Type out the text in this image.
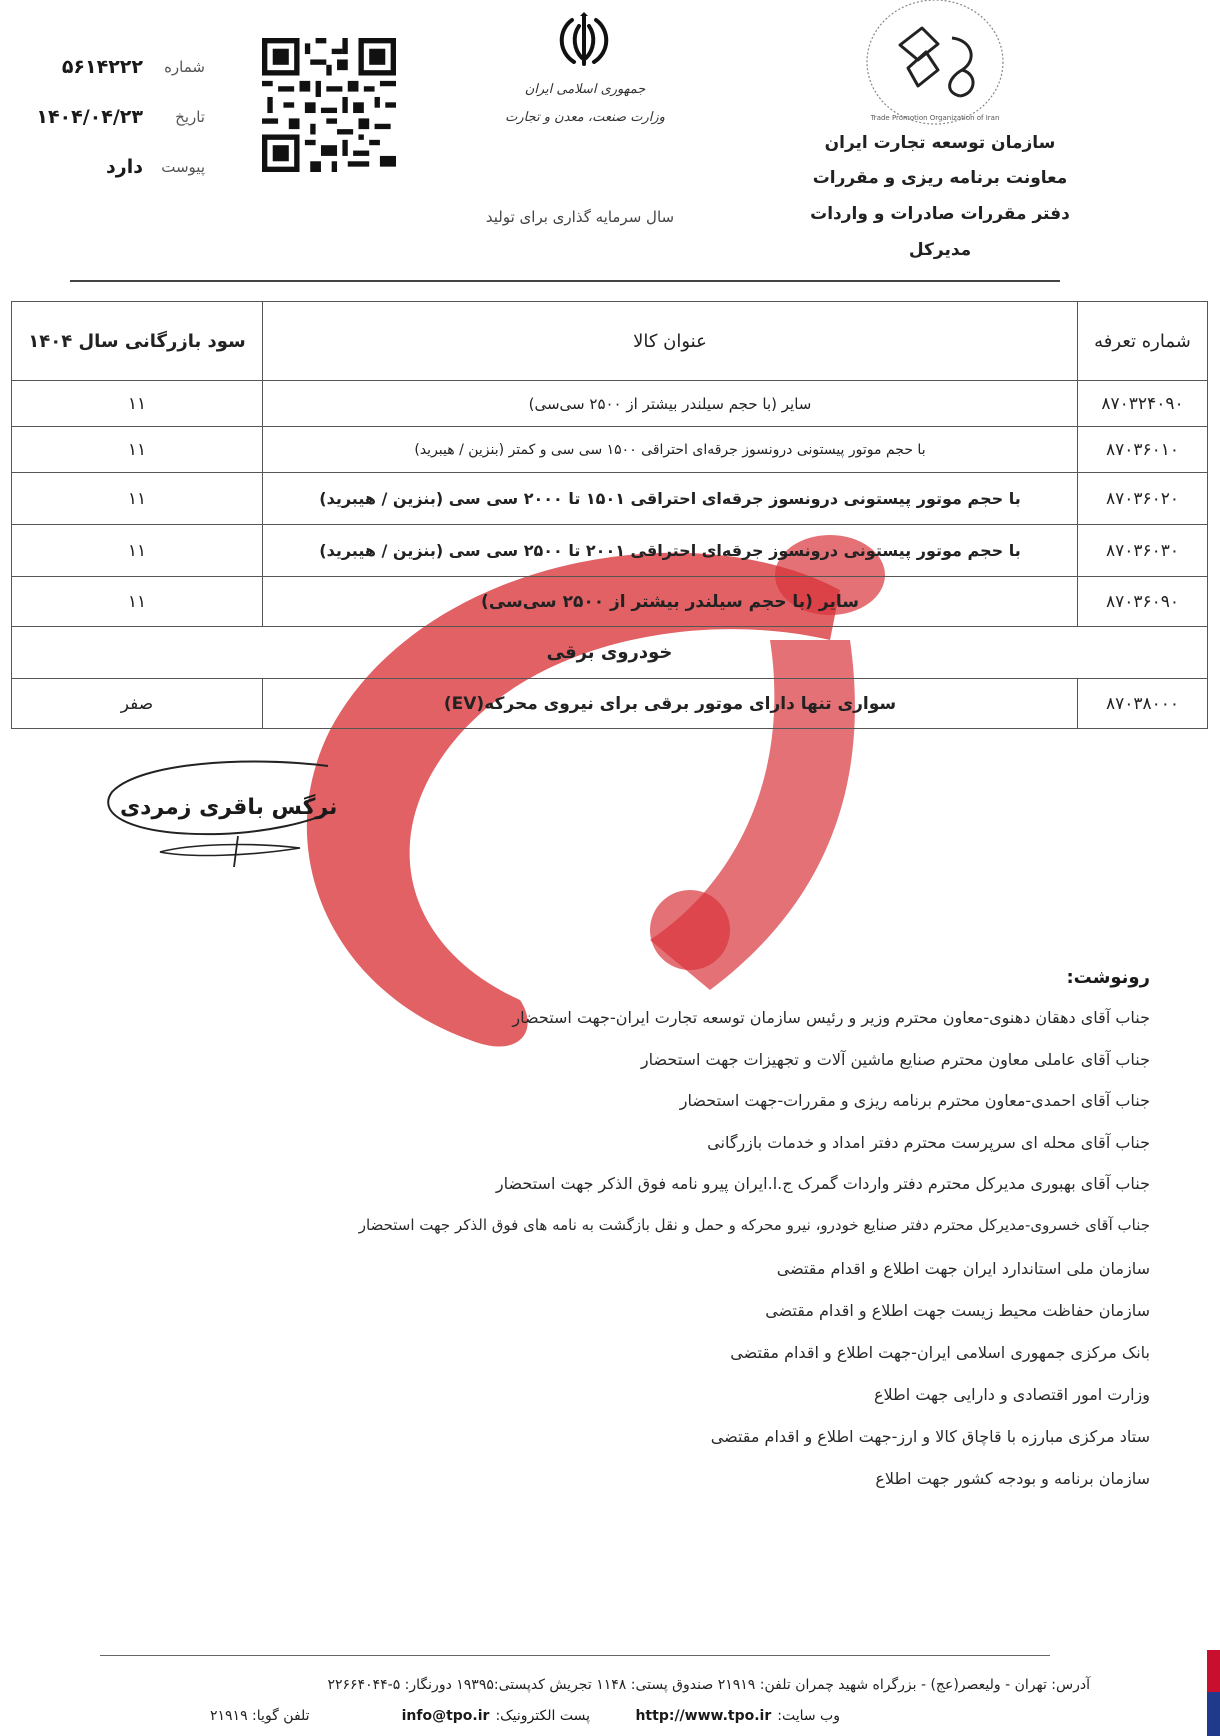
شماره
۵۶۱۴۲۲۲
تاریخ
۱۴۰۴/۰۴/۲۳
پیوست
دارد
جمهوری اسلامی ایران
وزارت صنعت، معدن و تجارت
سال سرمایه گذاری برای تولید
Trade Promotion Organization of Iran
سازمان توسعه تجارت ایران
معاونت برنامه ریزی و مقررات
دفتر مقررات صادرات و واردات
مدیرکل
شماره تعرفه	عنوان کالا	سود بازرگانی سال ۱۴۰۴
۸۷۰۳۲۴۰۹۰	سایر (با حجم سیلندر بیشتر از ۲۵۰۰ سی‌سی)	۱۱
۸۷۰۳۶۰۱۰	با حجم موتور پیستونی درونسوز جرقه‌ای احتراقی ۱۵۰۰ سی سی و کمتر (بنزین / هیبرید)	۱۱
۸۷۰۳۶۰۲۰	با حجم موتور پیستونی درونسوز جرقه‌ای احتراقی ۱۵۰۱ تا ۲۰۰۰ سی سی (بنزین / هیبرید)	۱۱
۸۷۰۳۶۰۳۰	با حجم موتور پیستونی درونسوز جرقه‌ای احتراقی ۲۰۰۱ تا ۲۵۰۰ سی سی (بنزین / هیبرید)	۱۱
۸۷۰۳۶۰۹۰	سایر (با حجم سیلندر بیشتر از ۲۵۰۰ سی‌سی)	۱۱
خودروی برقی		
۸۷۰۳۸۰۰۰	سواری تنها دارای موتور برقی برای نیروی محرکه(EV)	صفر
نرگس باقری زمردی
رونوشت:
جناب آقای دهقان دهنوی-معاون محترم وزیر و رئیس سازمان توسعه تجارت ایران-جهت استحضار
جناب آقای عاملی معاون محترم صنایع ماشین آلات و تجهیزات جهت استحضار
جناب آقای احمدی-معاون محترم برنامه ریزی و مقررات-جهت استحضار
جناب آقای محله ای سرپرست محترم دفتر امداد و خدمات بازرگانی
جناب آقای بهبوری مدیرکل محترم دفتر واردات گمرک ج.ا.ایران پیرو نامه فوق الذکر جهت استحضار
جناب آقای خسروی-مدیرکل محترم دفتر صنایع خودرو، نیرو محرکه و حمل و نقل بازگشت به نامه های فوق الذکر جهت استحضار
سازمان ملی استاندارد ایران جهت اطلاع و اقدام مقتضی
سازمان حفاظت محیط زیست جهت اطلاع و اقدام مقتضی
بانک مرکزی جمهوری اسلامی ایران-جهت اطلاع و اقدام مقتضی
وزارت امور اقتصادی و دارایی جهت اطلاع
ستاد مرکزی مبارزه با قاچاق کالا و ارز-جهت اطلاع و اقدام مقتضی
سازمان برنامه و بودجه کشور جهت اطلاع
آدرس: تهران - ولیعصر(عج) - بزرگراه شهید چمران تلفن: ۲۱۹۱۹ صندوق پستی: ۱۱۴۸ تجریش کدپستی:۱۹۳۹۵ دورنگار: ۵-۲۲۶۶۴۰۴۴
وب سایت:
http://www.tpo.ir
پست الکترونیک:
info@tpo.ir
تلفن گویا: ۲۱۹۱۹
